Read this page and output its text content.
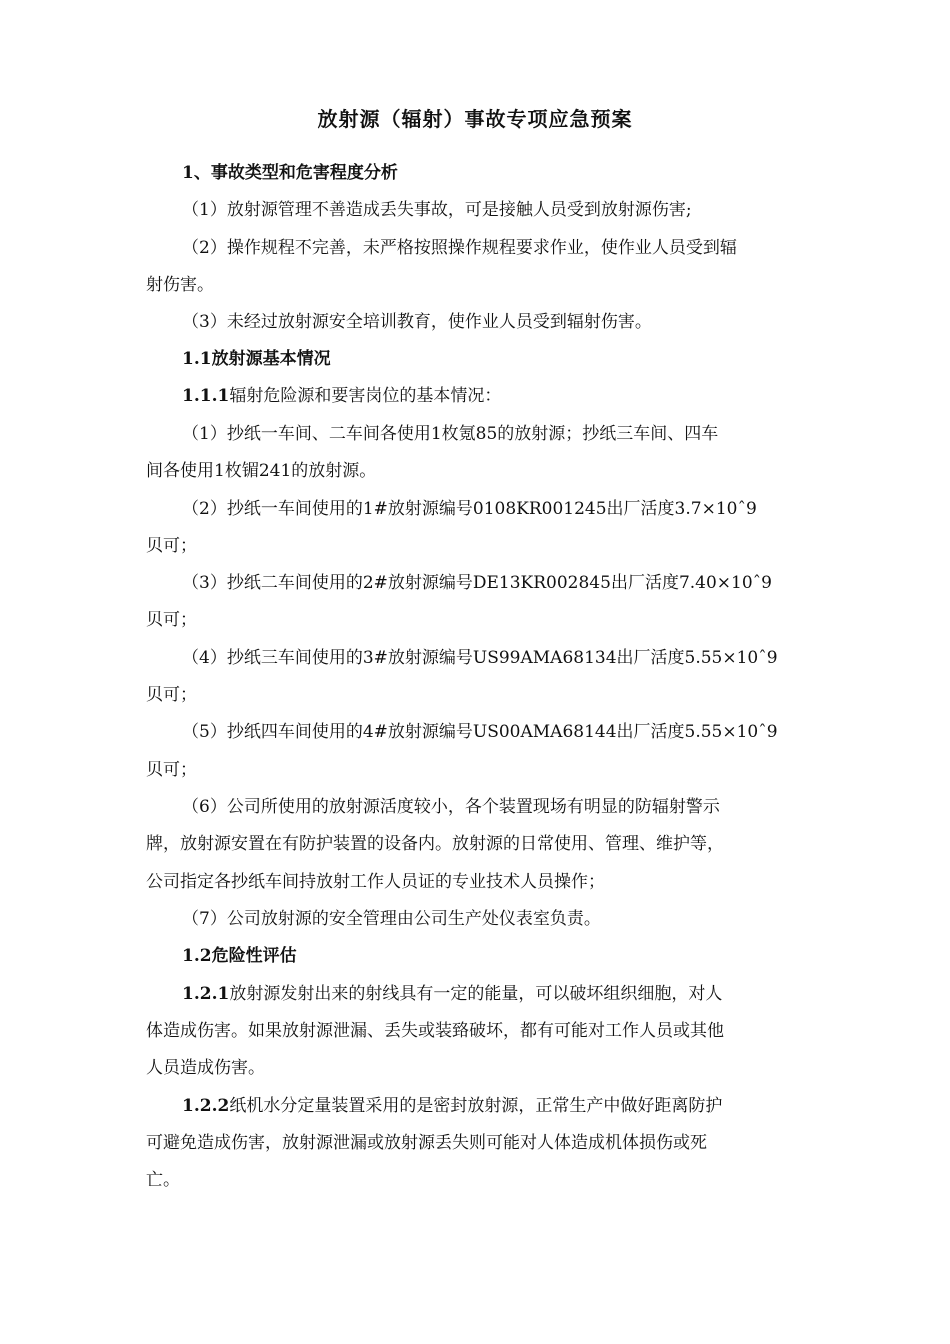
放射源（辐射）事故专项应急预案
1、事故类型和危害程度分析
（1）放射源管理不善造成丢失事故，可是接触人员受到放射源伤害;
（2）操作规程不完善，未严格按照操作规程要求作业，使作业人员受到辐
射伤害。
（3）未经过放射源安全培训教育，使作业人员受到辐射伤害。
1.1放射源基本情况
1.1.1辐射危险源和要害岗位的基本情况：
（1）抄纸一车间、二车间各使用1枚氪85的放射源；抄纸三车间、四车
间各使用1枚镅241的放射源。
（2）抄纸一车间使用的1#放射源编号0108KR001245出厂活度3.7×10ˆ9
贝可；
（3）抄纸二车间使用的2#放射源编号DE13KR002845出厂活度7.40×10ˆ9
贝可；
（4）抄纸三车间使用的3#放射源编号US99AMA68134出厂活度5.55×10ˆ9
贝可；
（5）抄纸四车间使用的4#放射源编号US00AMA68144出厂活度5.55×10ˆ9
贝可；
（6）公司所使用的放射源活度较小，各个装置现场有明显的防辐射警示
牌，放射源安置在有防护装置的设备内。放射源的日常使用、管理、维护等，
公司指定各抄纸车间持放射工作人员证的专业技术人员操作；
（7）公司放射源的安全管理由公司生产处仪表室负责。
1.2危险性评估
1.2.1放射源发射出来的射线具有一定的能量，可以破坏组织细胞，对人
体造成伤害。如果放射源泄漏、丢失或装臵破坏，都有可能对工作人员或其他
人员造成伤害。
1.2.2纸机水分定量装置采用的是密封放射源，正常生产中做好距离防护
可避免造成伤害，放射源泄漏或放射源丢失则可能对人体造成机体损伤或死
亡。
